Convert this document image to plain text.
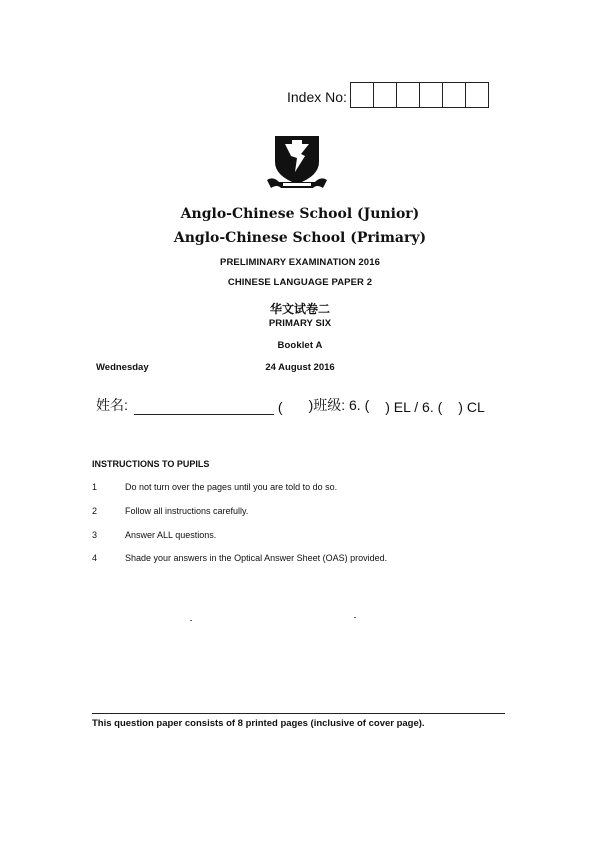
Index No:
Anglo-Chinese School (Junior)
Anglo-Chinese School (Primary)
PRELIMINARY EXAMINATION 2016
CHINESE LANGUAGE PAPER 2
华文试卷二
PRIMARY SIX
Booklet A
Wednesday	24 August 2016
姓名:	( )班级: 6. ( ) EL / 6. ( ) CL
INSTRUCTIONS TO PUPILS
1	Do not turn over the pages until you are told to do so.
2	Follow all instructions carefully.
3	Answer ALL questions.
4	Shade your answers in the Optical Answer Sheet (OAS) provided.
This question paper consists of 8 printed pages (inclusive of cover page).
